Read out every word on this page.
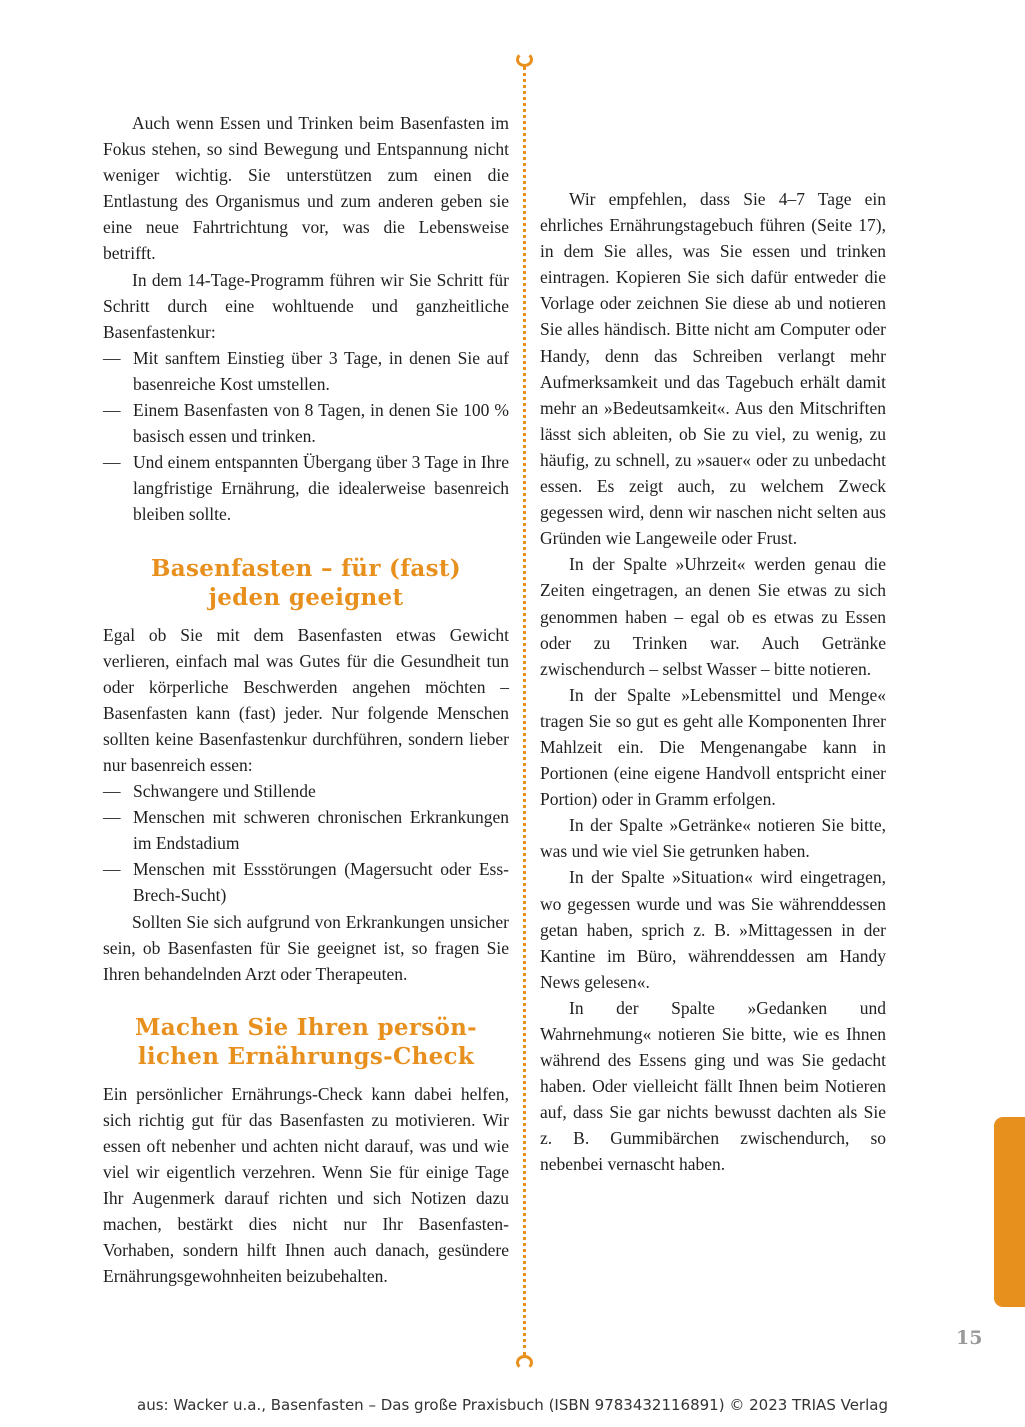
Auch wenn Essen und Trinken beim Basenfasten im Fokus stehen, so sind Bewegung und Entspannung nicht weniger wichtig. Sie unterstützen zum einen die Entlastung des Organismus und zum anderen geben sie eine neue Fahrtrichtung vor, was die Lebensweise betrifft.

In dem 14-Tage-Programm führen wir Sie Schritt für Schritt durch eine wohltuende und ganzheitliche Basenfastenkur:

— Mit sanftem Einstieg über 3 Tage, in denen Sie auf basenreiche Kost umstellen.
— Einem Basenfasten von 8 Tagen, in denen Sie 100 % basisch essen und trinken.
— Und einem entspannten Übergang über 3 Tage in Ihre langfristige Ernährung, die idealerweise basenreich bleiben sollte.
Basenfasten – für (fast)
jeden geeignet

Egal ob Sie mit dem Basenfasten etwas Gewicht verlieren, einfach mal was Gutes für die Gesundheit tun oder körperliche Beschwerden angehen möchten – Basenfasten kann (fast) jeder. Nur folgende Menschen sollten keine Basenfastenkur durchführen, sondern lieber nur basenreich essen:

— Schwangere und Stillende
— Menschen mit schweren chronischen Erkrankungen im Endstadium
— Menschen mit Essstörungen (Magersucht oder Ess-Brech-Sucht)

Sollten Sie sich aufgrund von Erkrankungen unsicher sein, ob Basenfasten für Sie geeignet ist, so fragen Sie Ihren behandelnden Arzt oder Therapeuten.

Machen Sie Ihren persön-
lichen Ernährungs-Check

Ein persönlicher Ernährungs-Check kann dabei helfen, sich richtig gut für das Basenfasten zu motivieren. Wir essen oft nebenher und achten nicht darauf, was und wie viel wir eigentlich verzehren. Wenn Sie für einige Tage Ihr Augenmerk darauf richten und sich Notizen dazu machen, bestärkt dies nicht nur Ihr Basenfasten-Vorhaben, sondern hilft Ihnen auch danach, gesündere Ernährungsgewohnheiten beizubehalten.

Wir empfehlen, dass Sie 4–7 Tage ein ehrliches Ernährungstagebuch führen (Seite 17), in dem Sie alles, was Sie essen und trinken eintragen. Kopieren Sie sich dafür entweder die Vorlage oder zeichnen Sie diese ab und notieren Sie alles händisch. Bitte nicht am Computer oder Handy, denn das Schreiben verlangt mehr Aufmerksamkeit und das Tagebuch erhält damit mehr an »Bedeutsamkeit«. Aus den Mitschriften lässt sich ableiten, ob Sie zu viel, zu wenig, zu häufig, zu schnell, zu »sauer« oder zu unbedacht essen. Es zeigt auch, zu welchem Zweck gegessen wird, denn wir naschen nicht selten aus Gründen wie Langeweile oder Frust.

In der Spalte »Uhrzeit« werden genau die Zeiten eingetragen, an denen Sie etwas zu sich genommen haben – egal ob es etwas zu Essen oder zu Trinken war. Auch Getränke zwischendurch – selbst Wasser – bitte notieren.

In der Spalte »Lebensmittel und Menge« tragen Sie so gut es geht alle Komponenten Ihrer Mahlzeit ein. Die Mengenangabe kann in Portionen (eine eigene Handvoll entspricht einer Portion) oder in Gramm erfolgen.

In der Spalte »Getränke« notieren Sie bitte, was und wie viel Sie getrunken haben.

In der Spalte »Situation« wird eingetragen, wo gegessen wurde und was Sie währenddessen getan haben, sprich z. B. »Mittagessen in der Kantine im Büro, währenddessen am Handy News gelesen«.

In der Spalte »Gedanken und Wahrnehmung« notieren Sie bitte, wie es Ihnen während des Essens ging und was Sie gedacht haben. Oder vielleicht fällt Ihnen beim Notieren auf, dass Sie gar nichts bewusst dachten als Sie z. B. Gummibärchen zwischendurch, so nebenbei vernascht haben.

15
aus: Wacker u.a., Basenfasten – Das große Praxisbuch (ISBN 9783432116891) © 2023 TRIAS Verlag
